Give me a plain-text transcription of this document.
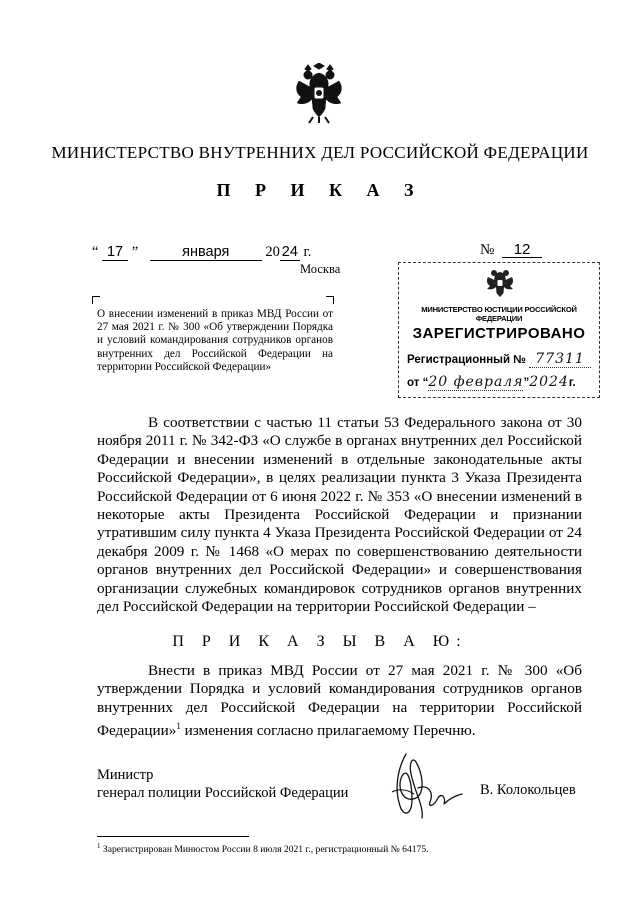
МИНИСТЕРСТВО ВНУТРЕННИХ ДЕЛ РОССИЙСКОЙ ФЕДЕРАЦИИ
П Р И К А З
“ 17 ”	января 20 24 г.
Москва
№ 12
О внесении изменений в приказ МВД России от 27 мая 2021 г. № 300 «Об утверждении Порядка и условий командирования сотрудников органов внутренних дел Российской Федерации на территории Российской Федерации»
МИНИСТЕРСТВО ЮСТИЦИИ РОССИЙСКОЙ ФЕДЕРАЦИИ
ЗАРЕГИСТРИРОВАНО
Регистрационный № 77311
от “20 февраля”2024г.
В соответствии с частью 11 статьи 53 Федерального закона от 30 ноября 2011 г. № 342-ФЗ «О службе в органах внутренних дел Российской Федерации и внесении изменений в отдельные законодательные акты Российской Федерации», в целях реализации пункта 3 Указа Президента Российской Федерации от 6 июня 2022 г. № 353 «О внесении изменений в некоторые акты Президента Российской Федерации и признании утратившим силу пункта 4 Указа Президента Российской Федерации от 24 декабря 2009 г. № 1468 «О мерах по совершенствованию деятельности органов внутренних дел Российской Федерации» и совершенствования организации служебных командировок сотрудников органов внутренних дел Российской Федерации на территории Российской Федерации –
П Р И К А З Ы В А Ю:
Внести в приказ МВД России от 27 мая 2021 г. № 300 «Об утверждении Порядка и условий командирования сотрудников органов внутренних дел Российской Федерации на территории Российской Федерации»$^1$ изменения согласно прилагаемому Перечню.
Министр
генерал полиции Российской Федерации	В. Колокольцев
$^1$ Зарегистрирован Минюстом России 8 июля 2021 г., регистрационный № 64175.
